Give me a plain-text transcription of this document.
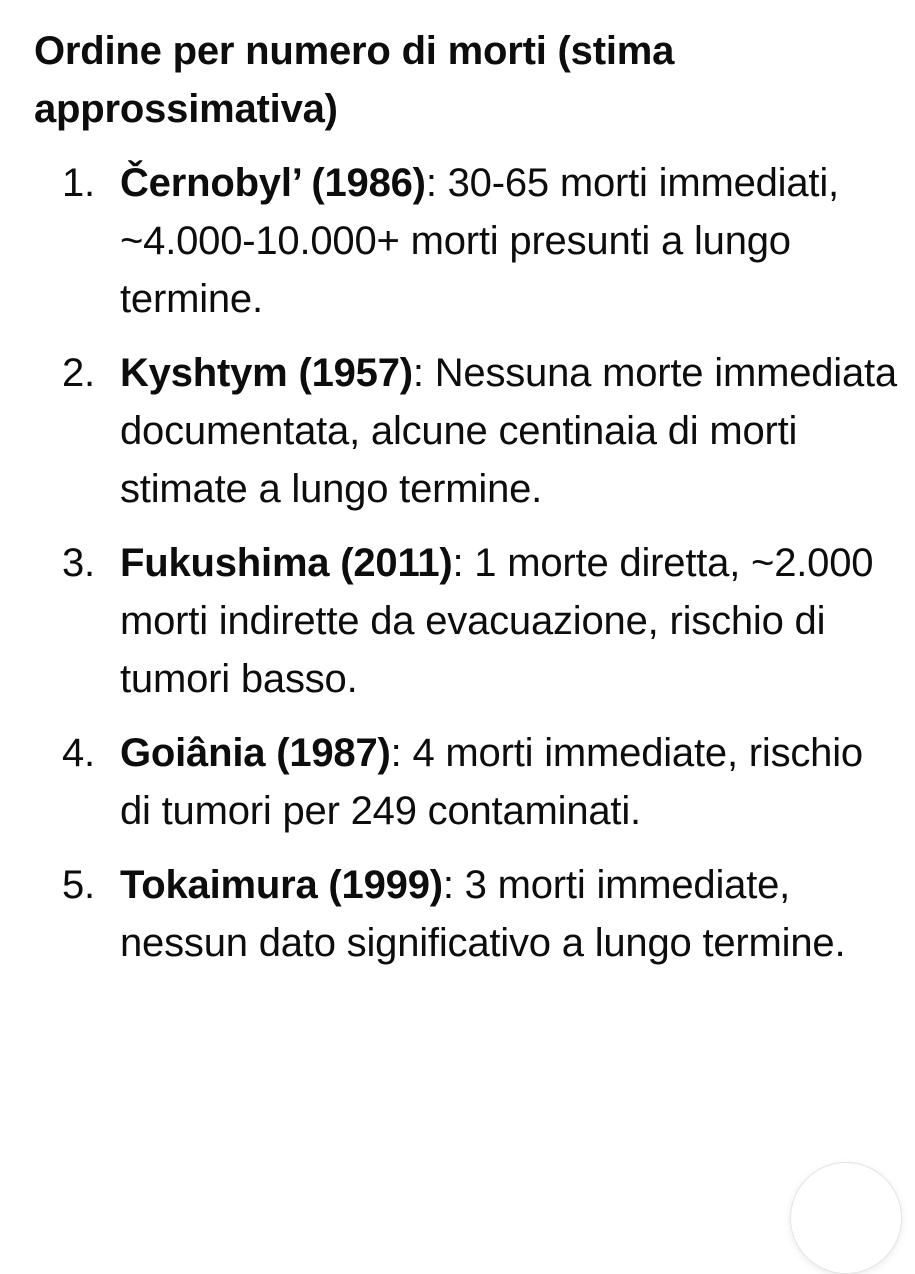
Ordine per numero di morti (stima approssimativa)
1. Černobyl’ (1986): 30-65 morti immediati, ~4.000-10.000+ morti presunti a lungo termine.
2. Kyshtym (1957): Nessuna morte immediata documentata, alcune centinaia di morti stimate a lungo termine.
3. Fukushima (2011): 1 morte diretta, ~2.000 morti indirette da evacuazione, rischio di tumori basso.
4. Goiânia (1987): 4 morti immediate, rischio di tumori per 249 contaminati.
5. Tokaimura (1999): 3 morti immediate, nessun dato significativo a lungo termine.
